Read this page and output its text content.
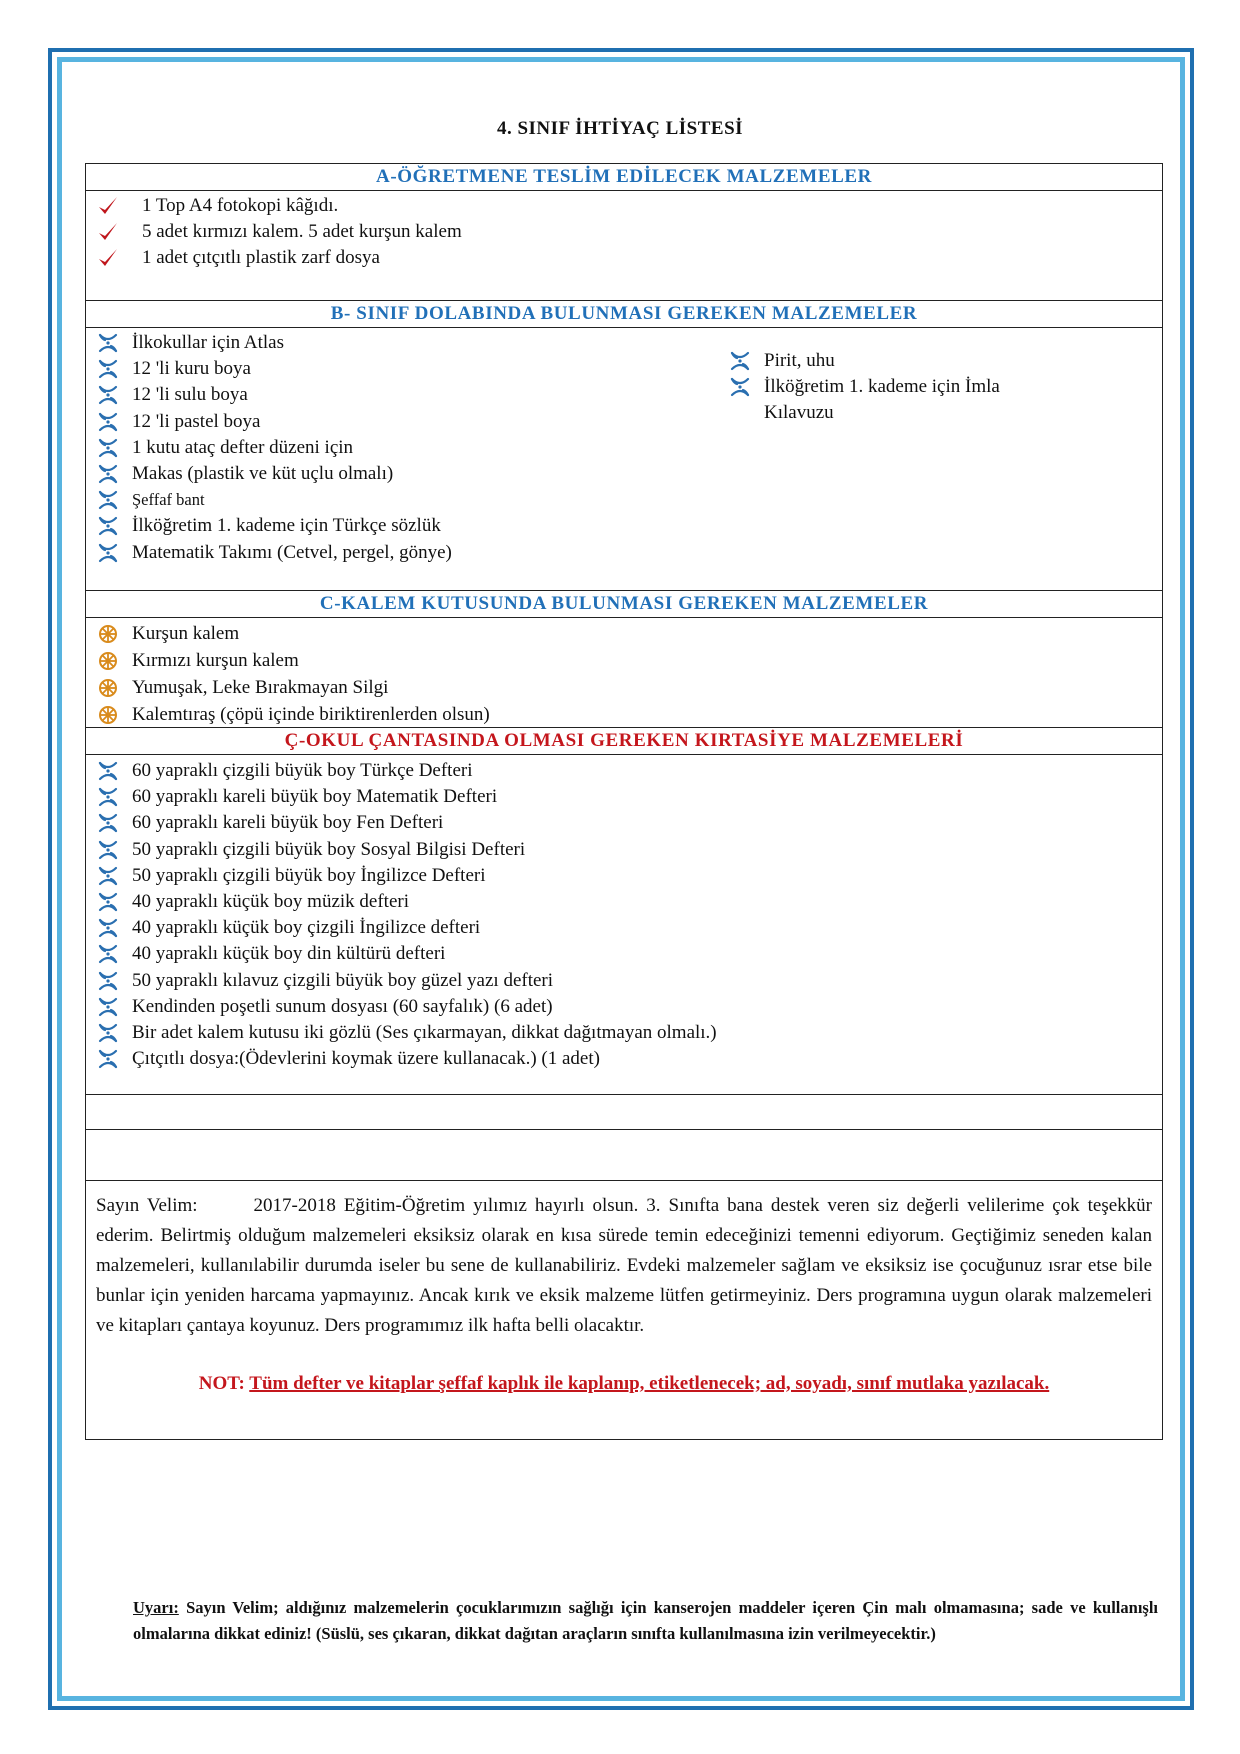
4. SINIF İHTİYAÇ LİSTESİ
A-ÖĞRETMENE TESLİM EDİLECEK MALZEMELER
1 Top A4 fotokopi kâğıdı.
5 adet kırmızı kalem. 5 adet kurşun kalem
1 adet çıtçıtlı plastik zarf dosya
B- SINIF DOLABINDA BULUNMASI GEREKEN MALZEMELER
İlkokullar için Atlas
12 'li kuru boya
12 'li sulu boya
12 'li pastel boya
1 kutu ataç defter düzeni için
Makas (plastik ve küt uçlu olmalı)
Şeffaf bant
İlköğretim 1. kademe için Türkçe sözlük
Matematik Takımı (Cetvel, pergel, gönye)
Pirit, uhu
İlköğretim 1. kademe için İmla Kılavuzu
C-KALEM KUTUSUNDA BULUNMASI GEREKEN MALZEMELER
Kurşun kalem
Kırmızı kurşun kalem
Yumuşak, Leke Bırakmayan Silgi
Kalemtıraş (çöpü içinde biriktirenlerden olsun)
Ç-OKUL ÇANTASINDA OLMASI GEREKEN KIRTASİYE MALZEMELERİ
60 yapraklı çizgili büyük boy Türkçe Defteri
60 yapraklı kareli büyük boy Matematik Defteri
60 yapraklı kareli büyük boy Fen Defteri
50 yapraklı çizgili büyük boy Sosyal Bilgisi Defteri
50 yapraklı çizgili büyük boy İngilizce Defteri
40 yapraklı küçük boy müzik defteri
40 yapraklı küçük boy çizgili İngilizce defteri
40 yapraklı küçük boy din kültürü defteri
50 yapraklı kılavuz çizgili büyük boy güzel yazı defteri
Kendinden poşetli sunum dosyası (60 sayfalık) (6 adet)
Bir adet kalem kutusu iki gözlü (Ses çıkarmayan, dikkat dağıtmayan olmalı.)
Çıtçıtlı dosya:(Ödevlerini koymak üzere kullanacak.) (1 adet)
Sayın Velim:	2017-2018 Eğitim-Öğretim yılımız hayırlı olsun. 3. Sınıfta bana destek veren siz değerli velilerime çok teşekkür ederim. Belirtmiş olduğum malzemeleri eksiksiz olarak en kısa sürede temin edeceğinizi temenni ediyorum. Geçtiğimiz seneden kalan malzemeleri, kullanılabilir durumda iseler bu sene de kullanabiliriz. Evdeki malzemeler sağlam ve eksiksiz ise çocuğunuz ısrar etse bile bunlar için yeniden harcama yapmayınız. Ancak kırık ve eksik malzeme lütfen getirmeyiniz. Ders programına uygun olarak malzemeleri ve kitapları çantaya koyunuz. Ders programımız ilk hafta belli olacaktır.
NOT: Tüm defter ve kitaplar şeffaf kaplık ile kaplanıp, etiketlenecek; ad, soyadı, sınıf mutlaka yazılacak.
Uyarı: Sayın Velim; aldığınız malzemelerin çocuklarımızın sağlığı için kanserojen maddeler içeren Çin malı olmamasına; sade ve kullanışlı olmalarına dikkat ediniz! (Süslü, ses çıkaran, dikkat dağıtan araçların sınıfta kullanılmasına izin verilmeyecektir.)
